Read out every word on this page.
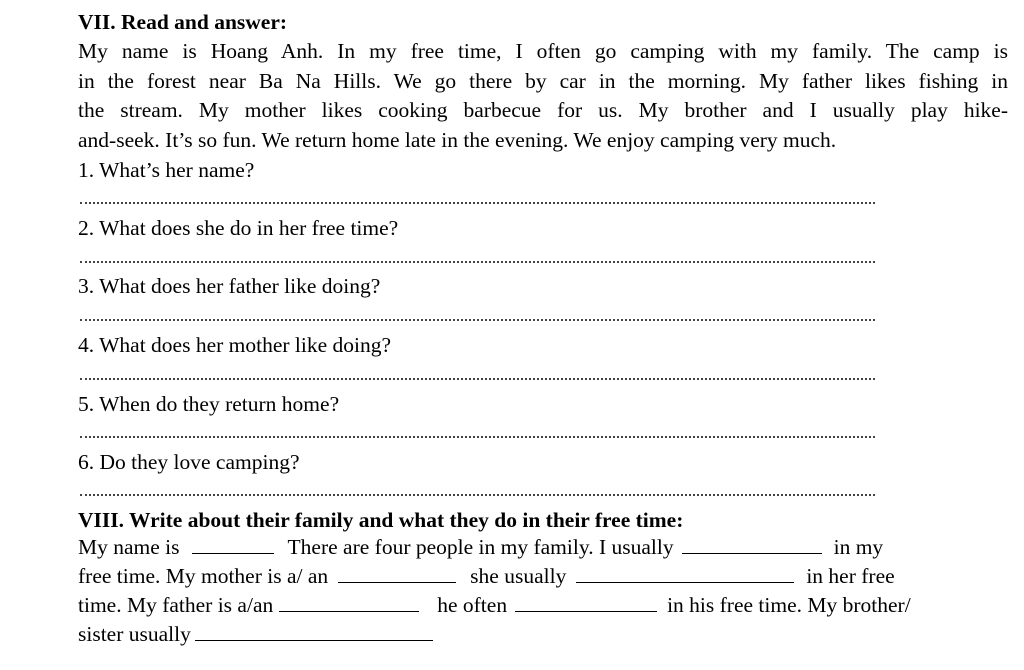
VII. Read and answer:
My name is Hoang Anh. In my free time, I often go camping with my family. The camp is
in the forest near Ba Na Hills. We go there by car in the morning. My father likes fishing in
the stream. My mother likes cooking barbecue for us. My brother and I usually play hike-
and-seek. It’s so fun. We return home late in the evening. We enjoy camping very much.
1. What’s her name?
2. What does she do in her free time?
3. What does her father like doing?
4. What does her mother like doing?
5. When do they return home?
6. Do they love camping?
VIII. Write about their family and what they do in their free time:
My name is	There are four people in my family. I usually	in my
free time. My mother is a/ an	she usually	in her free
time. My father is a/an	he often	in his free time. My brother/
sister usually
